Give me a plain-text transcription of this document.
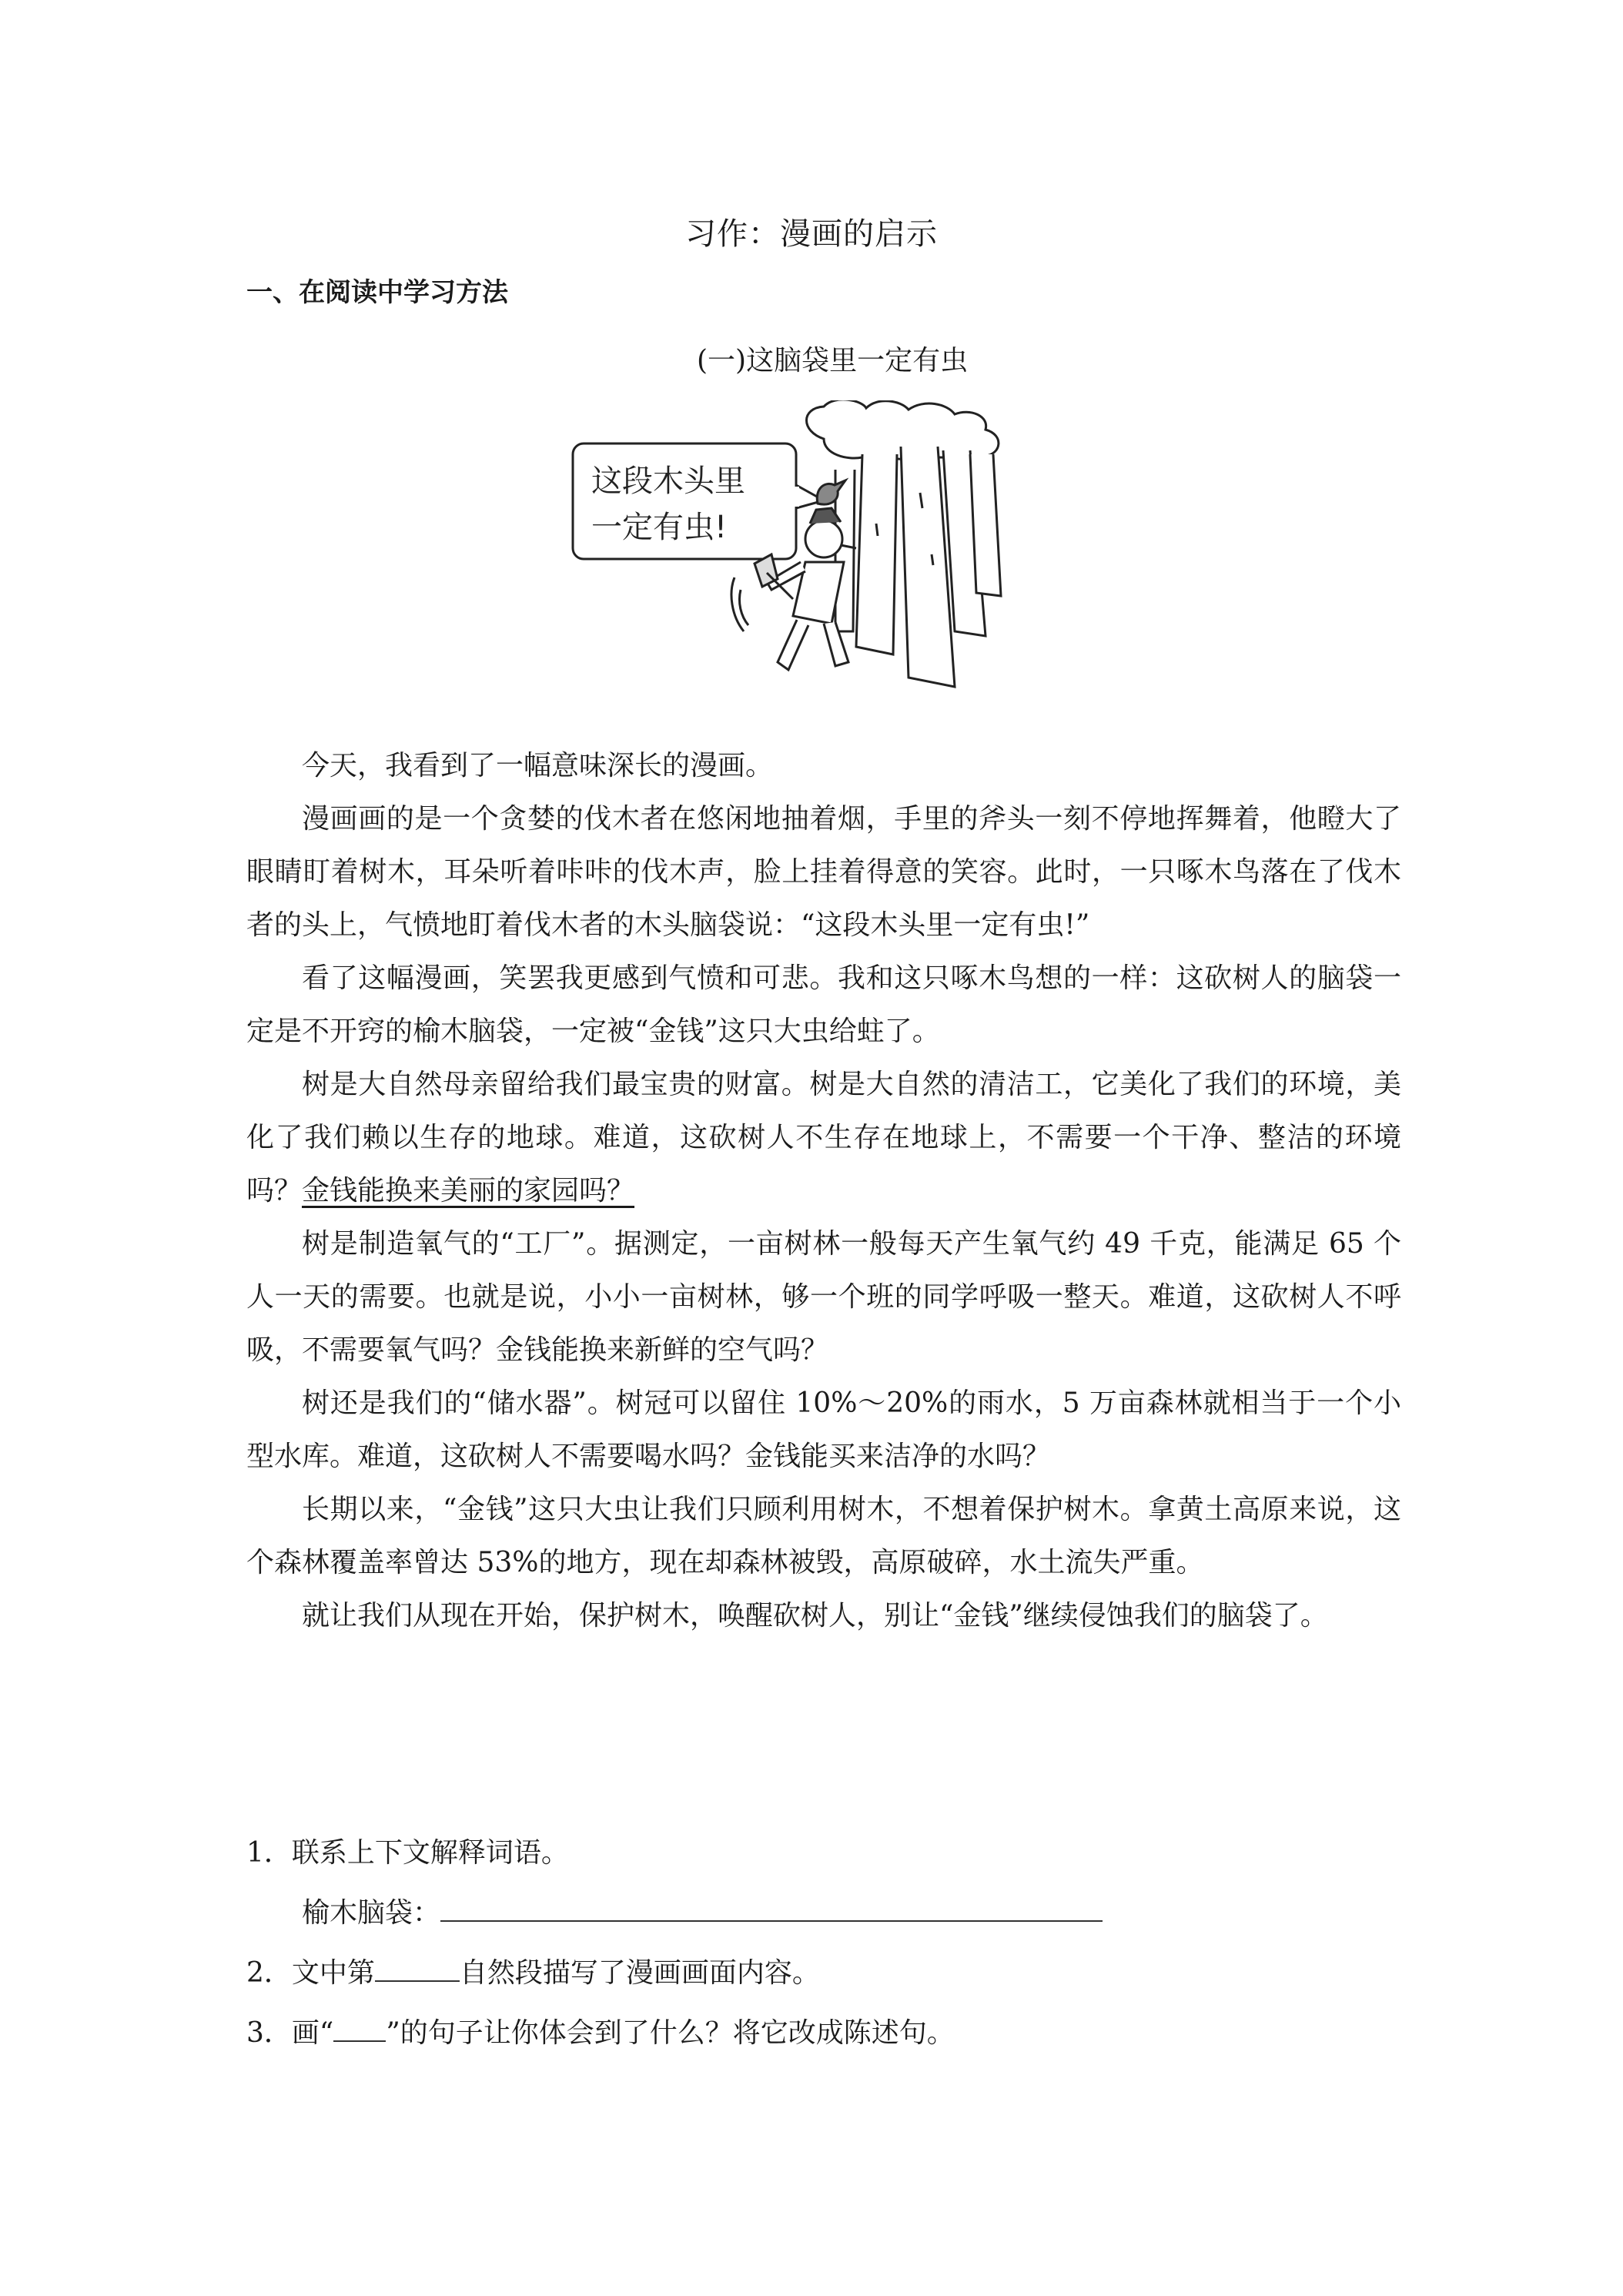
习作：漫画的启示
一、在阅读中学习方法
(一)这脑袋里一定有虫
这段木头里
一定有虫!

今天，我看到了一幅意味深长的漫画。

漫画画的是一个贪婪的伐木者在悠闲地抽着烟，手里的斧头一刻不停地挥舞着，他瞪大了眼睛盯着树木，耳朵听着咔咔的伐木声，脸上挂着得意的笑容。此时，一只啄木鸟落在了伐木者的头上，气愤地盯着伐木者的木头脑袋说：“这段木头里一定有虫!”

看了这幅漫画，笑罢我更感到气愤和可悲。我和这只啄木鸟想的一样：这砍树人的脑袋一定是不开窍的榆木脑袋，一定被“金钱”这只大虫给蛀了。

树是大自然母亲留给我们最宝贵的财富。树是大自然的清洁工，它美化了我们的环境，美化了我们赖以生存的地球。难道，这砍树人不生存在地球上，不需要一个干净、整洁的环境吗？金钱能换来美丽的家园吗？

树是制造氧气的“工厂”。据测定，一亩树林一般每天产生氧气约 49 千克，能满足 65 个人一天的需要。也就是说，小小一亩树林，够一个班的同学呼吸一整天。难道，这砍树人不呼吸，不需要氧气吗？金钱能换来新鲜的空气吗？

树还是我们的“储水器”。树冠可以留住 10%～20%的雨水，5 万亩森林就相当于一个小型水库。难道，这砍树人不需要喝水吗？金钱能买来洁净的水吗？

长期以来，“金钱”这只大虫让我们只顾利用树木，不想着保护树木。拿黄土高原来说，这个森林覆盖率曾达 53%的地方，现在却森林被毁，高原破碎，水土流失严重。

就让我们从现在开始，保护树木，唤醒砍树人，别让“金钱”继续侵蚀我们的脑袋了。

1．联系上下文解释词语。

榆木脑袋：

2．文中第	自然段描写了漫画画面内容。

3．画“ ”的句子让你体会到了什么？将它改成陈述句。
